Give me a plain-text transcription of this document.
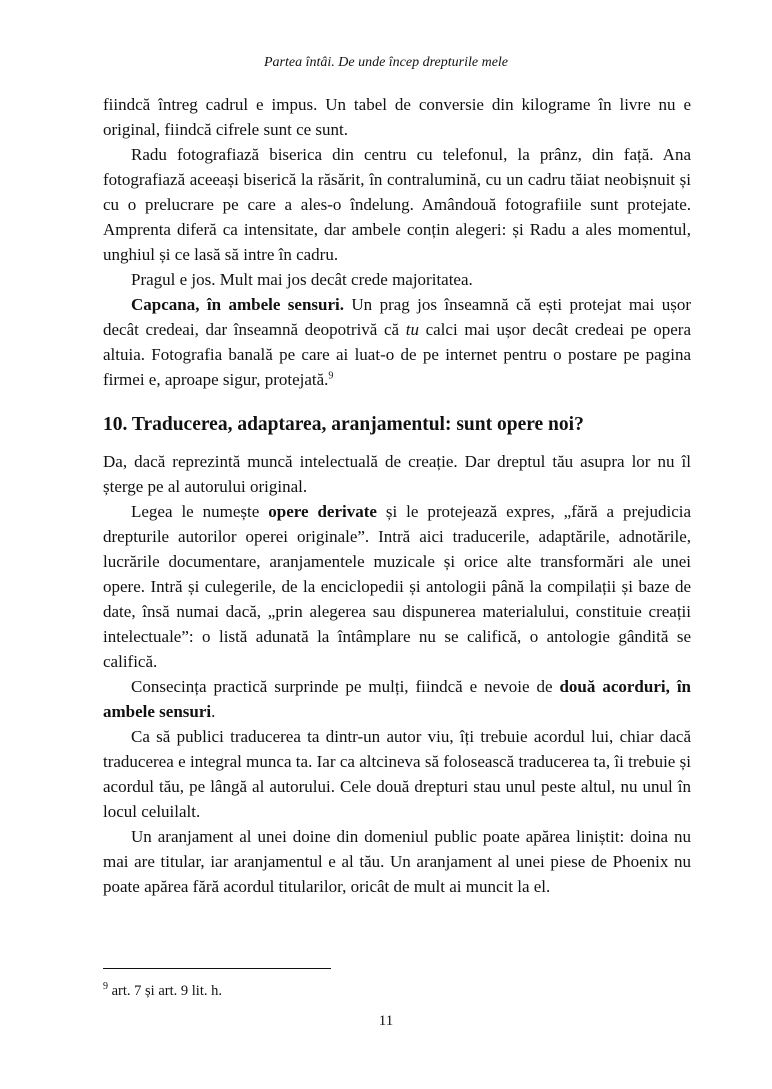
Partea întâi. De unde încep drepturile mele

fiindcă întreg cadrul e impus. Un tabel de conversie din kilograme în livre nu e original, fiindcă cifrele sunt ce sunt.

Radu fotografiază biserica din centru cu telefonul, la prânz, din față. Ana fotografiază aceeași biserică la răsărit, în contralumină, cu un cadru tăiat neobișnuit și cu o prelucrare pe care a ales-o îndelung. Amândouă fotografiile sunt protejate. Amprenta diferă ca intensitate, dar ambele conțin alegeri: și Radu a ales momentul, unghiul și ce lasă să intre în cadru.

Pragul e jos. Mult mai jos decât crede majoritatea.

Capcana, în ambele sensuri. Un prag jos înseamnă că ești protejat mai ușor decât credeai, dar înseamnă deopotrivă că tu calci mai ușor decât credeai pe opera altuia. Fotografia banală pe care ai luat-o de pe internet pentru o postare pe pagina firmei e, aproape sigur, protejată.$^9$

10. Traducerea, adaptarea, aranjamentul: sunt opere noi?

Da, dacă reprezintă muncă intelectuală de creație. Dar dreptul tău asupra lor nu îl șterge pe al autorului original.

Legea le numește opere derivate și le protejează expres, „fără a prejudicia drepturile autorilor operei originale”. Intră aici traducerile, adaptările, adnotările, lucrările documentare, aranjamentele muzicale și orice alte transformări ale unei opere. Intră și culegerile, de la enciclopedii și antologii până la compilații și baze de date, însă numai dacă, „prin alegerea sau dispunerea materialului, constituie creații intelectuale”: o listă adunată la întâmplare nu se califică, o antologie gândită se califică.

Consecința practică surprinde pe mulți, fiindcă e nevoie de două acorduri, în ambele sensuri.

Ca să publici traducerea ta dintr-un autor viu, îți trebuie acordul lui, chiar dacă traducerea e integral munca ta. Iar ca altcineva să folosească traducerea ta, îi trebuie și acordul tău, pe lângă al autorului. Cele două drepturi stau unul peste altul, nu unul în locul celuilalt.

Un aranjament al unei doine din domeniul public poate apărea liniștit: doina nu mai are titular, iar aranjamentul e al tău. Un aranjament al unei piese de Phoenix nu poate apărea fără acordul titularilor, oricât de mult ai muncit la el.

$^9$ art. 7 și art. 9 lit. h.
11
